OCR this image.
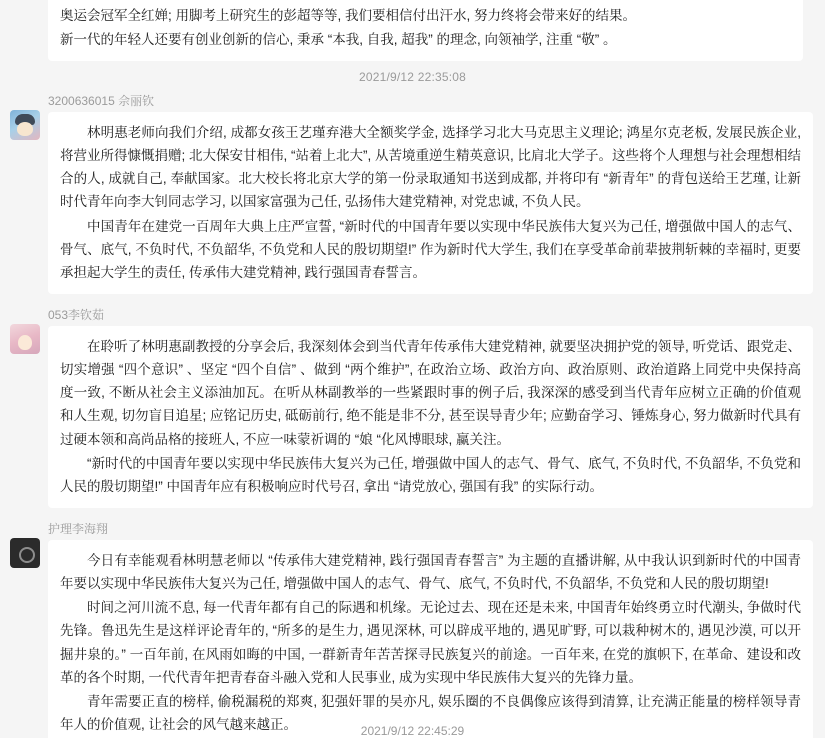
奥运会冠军全红婵; 用脚考上研究生的彭超等等, 我们要相信付出汗水, 努力终将会带来好的结果。

新一代的年轻人还要有创业创新的信心, 秉承 “本我, 自我, 超我” 的理念, 向领袖学, 注重 “敬” 。

2021/9/12 22:35:08
3200636015 佘丽钦

林明惠老师向我们介绍, 成都女孩王艺瑾弃港大全额奖学金, 选择学习北大马克思主义理论; 鸿星尔克老板, 发展民族企业, 将营业所得慷慨捐赠; 北大保安甘相伟, “站着上北大”, 从苦境重逆生精英意识, 比肩北大学子。这些将个人理想与社会理想相结合的人, 成就自己, 奉献国家。北大校长将北京大学的第一份录取通知书送到成都, 并将印有 “新青年” 的背包送给王艺瑾, 让新时代青年向李大钊同志学习, 以国家富强为己任, 弘扬伟大建党精神, 对党忠诚, 不负人民。

中国青年在建党一百周年大典上庄严宣誓, “新时代的中国青年要以实现中华民族伟大复兴为己任, 增强做中国人的志气、骨气、底气, 不负时代, 不负韶华, 不负党和人民的殷切期望!” 作为新时代大学生, 我们在享受革命前辈披荆斩棘的幸福时, 更要承担起大学生的责任, 传承伟大建党精神, 践行强国青春誓言。

053李钦茹

在聆听了林明惠副教授的分享会后, 我深刻体会到当代青年传承伟大建党精神, 就要坚决拥护党的领导, 听党话、跟党走、切实增强 “四个意识” 、坚定 “四个自信” 、做到 “两个维护”, 在政治立场、政治方向、政治原则、政治道路上同党中央保持高度一致, 不断从社会主义添油加瓦。在听从林副教举的一些紧跟时事的例子后, 我深深的感受到当代青年应树立正确的价值观和人生观, 切勿盲目追星; 应铭记历史, 砥砺前行, 绝不能是非不分, 甚至误导青少年; 应勤奋学习、锤炼身心, 努力做新时代具有过硬本领和高尚品格的接班人, 不应一味蒙祈调的 “娘 “化风博眼球, 赢关注。

“新时代的中国青年要以实现中华民族伟大复兴为己任, 增强做中国人的志气、骨气、底气, 不负时代, 不负韶华, 不负党和人民的殷切期望!” 中国青年应有积极响应时代号召, 拿出 “请党放心, 强国有我” 的实际行动。

护理李海翔

今日有幸能观看林明慧老师以 “传承伟大建党精神, 践行强国青春誓言” 为主题的直播讲解, 从中我认识到新时代的中国青年要以实现中华民族伟大复兴为己任, 增强做中国人的志气、骨气、底气, 不负时代, 不负韶华, 不负党和人民的殷切期望!

时间之河川流不息, 每一代青年都有自己的际遇和机缘。无论过去、现在还是未来, 中国青年始终勇立时代潮头, 争做时代先锋。鲁迅先生是这样评论青年的, “所多的是生力, 遇见深林, 可以辟成平地的, 遇见旷野, 可以栽种树木的, 遇见沙漠, 可以开掘井泉的。” 一百年前, 在风雨如晦的中国, 一群新青年苦苦探寻民族复兴的前途。一百年来, 在党的旗帜下, 在革命、建设和改革的各个时期, 一代代青年把青春奋斗融入党和人民事业, 成为实现中华民族伟大复兴的先锋力量。

青年需要正直的榜样, 偷税漏税的郑爽, 犯强奸罪的吴亦凡, 娱乐圈的不良偶像应该得到清算, 让充满正能量的榜样领导青年人的价值观, 让社会的风气越来越正。	2021/9/12 22:45:29
